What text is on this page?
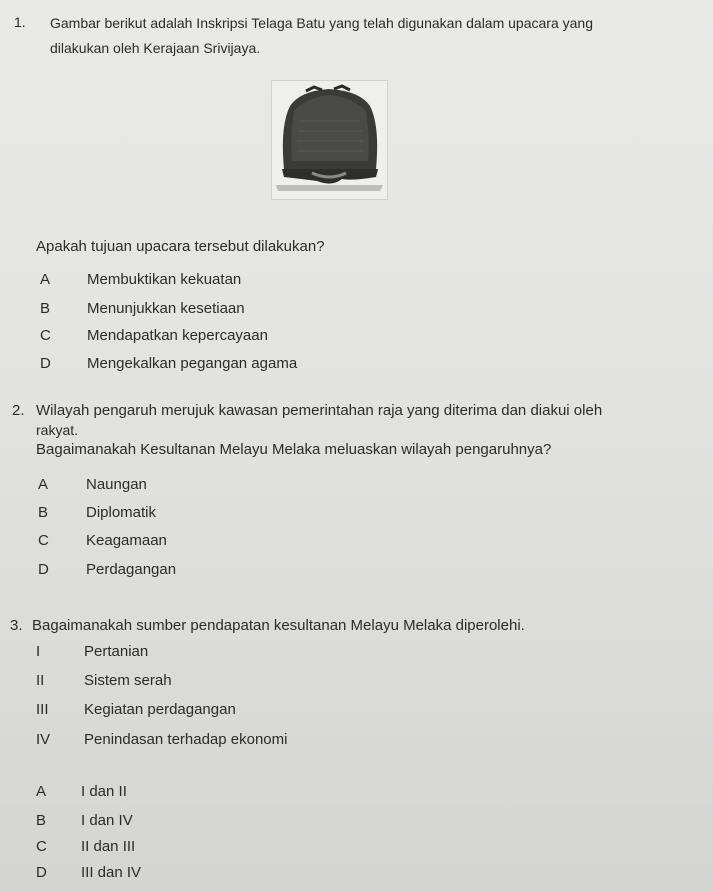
1. Gambar berikut adalah Inskripsi Telaga Batu yang telah digunakan dalam upacara yang
dilakukan oleh Kerajaan Srivijaya.
Apakah tujuan upacara tersebut dilakukan?
A Membuktikan kekuatan
B Menunjukkan kesetiaan
C Mendapatkan kepercayaan
D Mengekalkan pegangan agama
2. Wilayah pengaruh merujuk kawasan pemerintahan raja yang diterima dan diakui oleh
rakyat.
Bagaimanakah Kesultanan Melayu Melaka meluaskan wilayah pengaruhnya?
A	Naungan
B	Diplomatik
C Keagamaan
D Perdagangan
3. Bagaimanakah sumber pendapatan kesultanan Melayu Melaka diperolehi.
I	Pertanian
II	Sistem serah
III Kegiatan perdagangan
IV Penindasan terhadap ekonomi
A I dan II
B I dan IV
C II dan III
D III dan IV
